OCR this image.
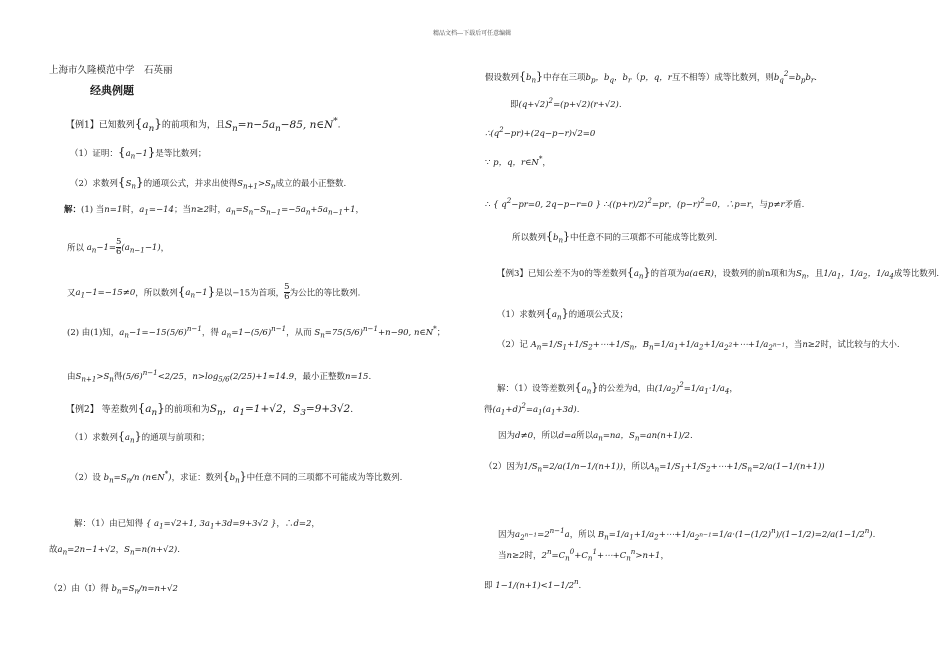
精品文档---下载后可任意编辑
上海市久隆模范中学　石英丽
经典例题
【例1】已知数列$\{a_n\}$的前项和为，且$S_n=n-5a_n-85$, n∈N*.
（1）证明：$\{a_n-1\}$是等比数列；
（2）求数列$\{S_n\}$的通项公式，并求出使得$S_{n+1}>S_n$成立的最小正整数.
解：(1) 当n=1时，$a_1=-14$；当n≥2时，$a_n=S_n-S_{n-1}=-5a_n+5a_{n-1}+1$，
所以 $a_n-1= \frac{5}{6} (a_{n-1}-1)$，
又$a_1-1=-15\ne 0$，所以数列$\{a_n-1\}$是以−15为首项， $\frac{5}{6}$ 为公比的等比数列.
(2) 由(1)知，$a_n-1=-15(5/6)^{n-1}$，得 $a_n=1-(5/6)^{n-1}$，从而 $S_n=75(5/6)^{n-1}+n-90$, n∈N*；
由$S_{n+1}>S_n$得$(5/6)^{n-1}<2/25$，$n>\log_{5/6}(2/25)+1\approx 14.9$，最小正整数n=15.
【例2】 等差数列$\{a_n\}$的前项和为$S_n$，$a_1=1+√2$，$S_3=9+3√2$.
（1）求数列$\{a_n\}$的通项与前项和；
（2）设 $b_n=S_n/n$ (n∈N*)，求证：数列$\{b_n\}$中任意不同的三项都不可能成为等比数列.
解：（1）由已知得 { $a_1=√2+1$, $3a_1+3d=9+3√2$ }，∴d=2，
故$a_n=2n-1+√2$，$S_n=n(n+√2)$.
（2）由（Ⅰ）得 $b_n=S_n/n=n+√2$
假设数列$\{b_n\}$中存在三项$b_p$，$b_q$，$b_r(p$，q，r互不相等）成等比数列，则$b_q^2=b_pb_r$.
即$(q+√2)^2=(p+√2)(r+√2)$.
$\therefore(q^2-pr)+(2q-p-r)√2=0$
∵ p，q，r∈N*，
∴ { $q^2-pr=0$, 2q−p−r=0 } $\therefore((p+r)/2)^2=pr$，$(p-r)^2=0$，∴p=r，与p≠r矛盾.
所以数列$\{b_n\}$中任意不同的三项都不可能成等比数列.
【例3】已知公差不为0的等差数列$\{a_n\}$的首项为a(a∈R)，设数列的前n项和为$S_n$，且$1/a_1$，$1/a_2$，$1/a_4$成等比数列.
（1）求数列$\{a_n\}$的通项公式及；
（2）记 $A_n=1/S_1+1/S_2+\cdots+1/S_n$，$B_n=1/a_1+1/a_2+1/a_{2^2}+\cdots+1/a_{2^{n-1}}$，当n≥2时，试比较与的大小.
解：（1）设等差数列$\{a_n\}$的公差为d，由$(1/a_2)^2=1/a_1\cdot 1/a_4$，
得$(a_1+d)^2=a_1(a_1+3d)$.
因为d≠0，所以d=a所以$a_n=na$，$S_n=an(n+1)/2$.
（2）因为$1/S_n=2/a(1/n-1/(n+1))$，所以$A_n=1/S_1+1/S_2+\cdots+1/S_n=2/a(1-1/(n+1))$
因为$a_{2^{n-1}}=2^{n-1}a$，所以 $B_n=1/a_1+1/a_2+\cdots+1/a_{2^{n-1}}=1/a\cdot(1-(1/2)^n)/(1-1/2)=2/a(1-1/2^n)$.
当n≥2时，$2^n=C_n^0+C_n^1+\cdots+C_n^n>n+1$，
即 $1-1/(n+1)<1-1/2^n$.
